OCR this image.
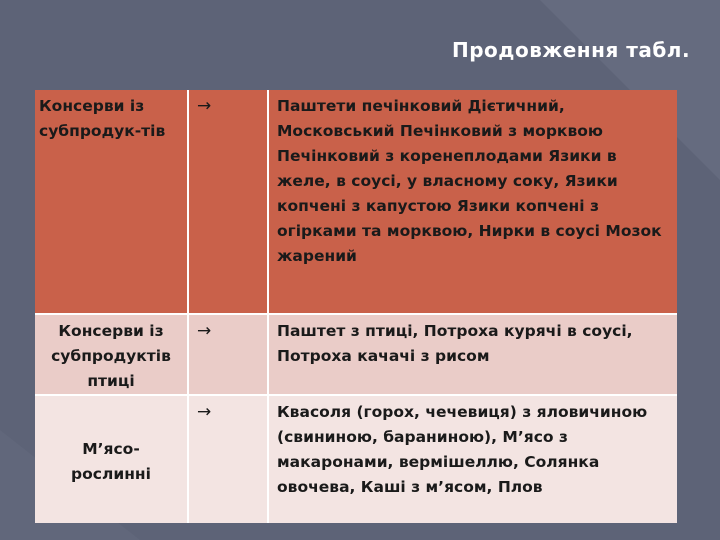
Продовження табл.
Консерви із субпродук-тів	→	Паштети печінковий Дієтичний, Московський Печінковий з морквою Печінковий з коренеплодами Язики в желе, в соусі, у власному соку, Язики копчені з капустою Язики копчені з огірками та морквою, Нирки в соусі Мозок жарений

Консерви із субпродуктів птиці	→	Паштет з птиці, Потроха курячі в соусі, Потроха качачі з рисом

М’ясо-рослинні	→	Квасоля (горох, чечевиця) з яловичиною (свининою, бараниною), М’ясо з макаронами, вермішеллю, Солянка овочева, Каші з м’ясом, Плов
